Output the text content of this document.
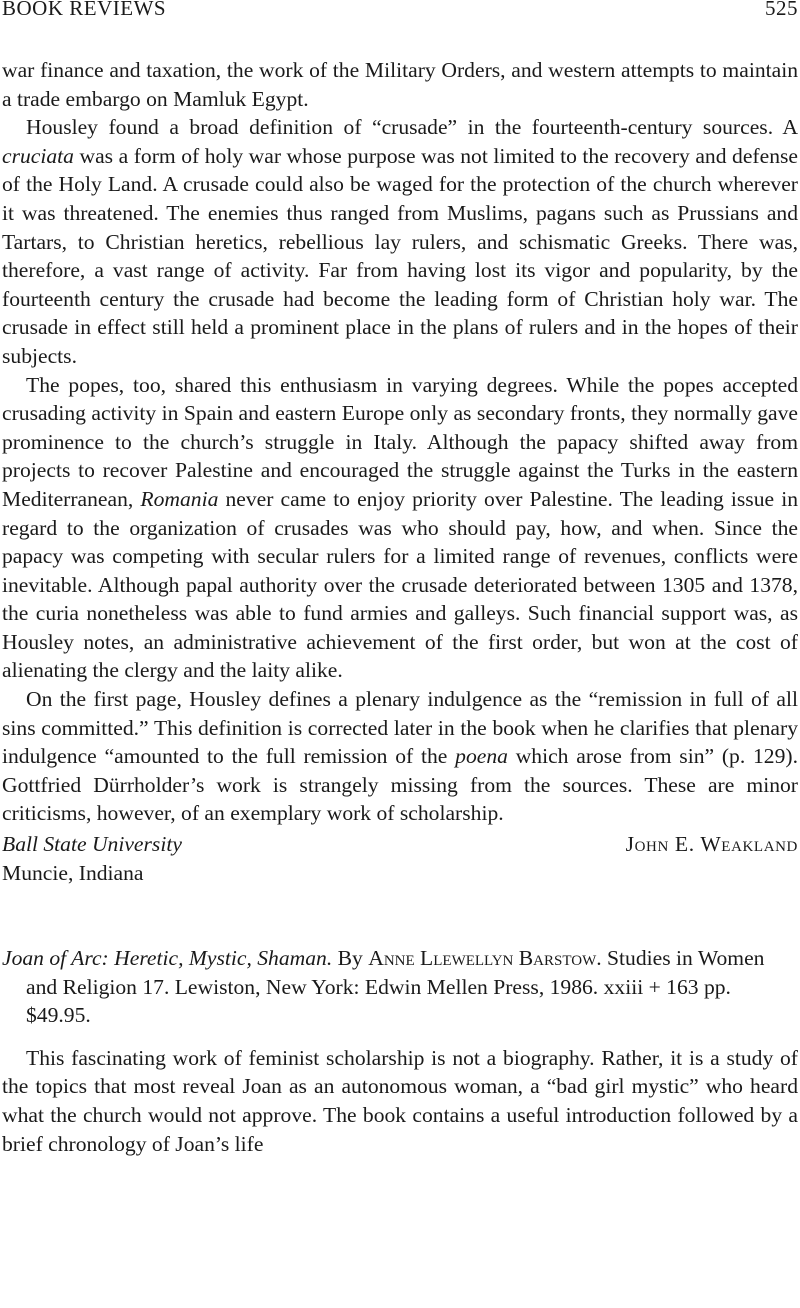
BOOK REVIEWS	525

war finance and taxation, the work of the Military Orders, and western attempts to maintain a trade embargo on Mamluk Egypt.

Housley found a broad definition of “crusade” in the fourteenth-century sources. A cruciata was a form of holy war whose purpose was not limited to the recovery and defense of the Holy Land. A crusade could also be waged for the protection of the church wherever it was threatened. The enemies thus ranged from Muslims, pagans such as Prussians and Tartars, to Christian heretics, rebellious lay rulers, and schismatic Greeks. There was, therefore, a vast range of activity. Far from having lost its vigor and popularity, by the fourteenth century the crusade had become the leading form of Christian holy war. The crusade in effect still held a prominent place in the plans of rulers and in the hopes of their subjects.

The popes, too, shared this enthusiasm in varying degrees. While the popes accepted crusading activity in Spain and eastern Europe only as secondary fronts, they normally gave prominence to the church’s struggle in Italy. Although the papacy shifted away from projects to recover Palestine and encouraged the struggle against the Turks in the eastern Mediterranean, Romania never came to enjoy priority over Palestine. The leading issue in regard to the organization of crusades was who should pay, how, and when. Since the papacy was competing with secular rulers for a limited range of revenues, conflicts were inevitable. Although papal authority over the crusade deteriorated between 1305 and 1378, the curia nonetheless was able to fund armies and galleys. Such financial support was, as Housley notes, an administrative achievement of the first order, but won at the cost of alienating the clergy and the laity alike.

On the first page, Housley defines a plenary indulgence as the “remission in full of all sins committed.” This definition is corrected later in the book when he clarifies that plenary indulgence “amounted to the full remission of the poena which arose from sin” (p. 129). Gottfried Dürrholder’s work is strangely missing from the sources. These are minor criticisms, however, of an exemplary work of scholarship.

Ball State University
Muncie, Indiana
John E. Weakland
Joan of Arc: Heretic, Mystic, Shaman. By Anne Llewellyn Barstow. Studies in Women and Religion 17. Lewiston, New York: Edwin Mellen Press, 1986. xxiii + 163 pp. $49.95.

This fascinating work of feminist scholarship is not a biography. Rather, it is a study of the topics that most reveal Joan as an autonomous woman, a “bad girl mystic” who heard what the church would not approve. The book contains a useful introduction followed by a brief chronology of Joan’s life
